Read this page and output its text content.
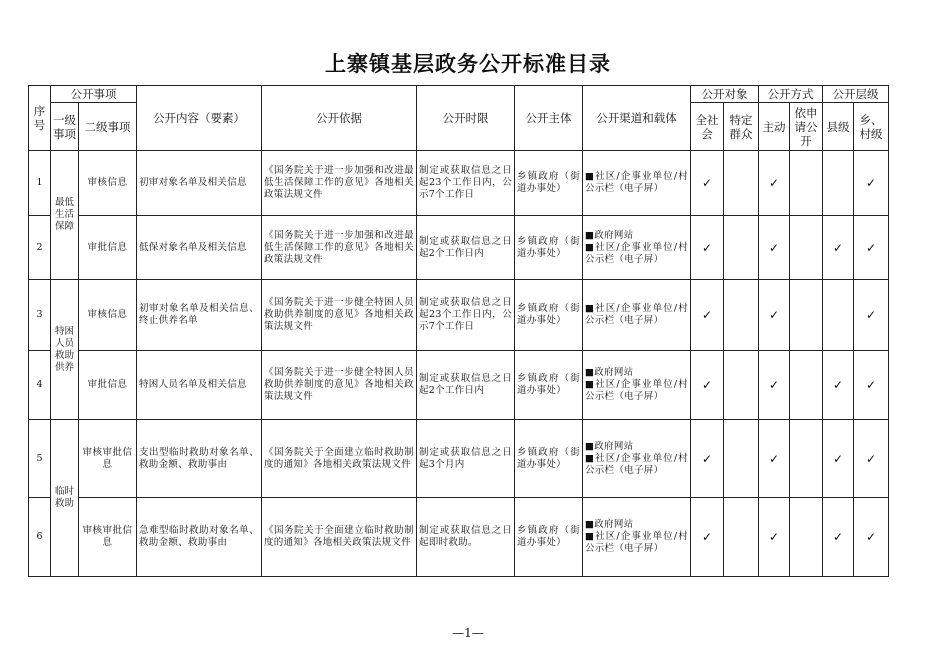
上寨镇基层政务公开标准目录
序号	公开事项		公开内容（要素）	公开依据	公开时限	公开主体	公开渠道和载体	公开对象		公开方式		公开层级	
	一级事项	二级事项						全社会	特定群众	主动	依申请公开	县级	乡、村级
1	最低生活保障	审核信息	初审对象名单及相关信息	《国务院关于进一步加强和改进最低生活保障工作的意见》各地相关政策法规文件	制定或获取信息之日起23个工作日内，公示7个工作日	乡镇政府（街道办事处）	■社区/企事业单位/村公示栏（电子屏）	✓		✓			✓
2		审批信息	低保对象名单及相关信息	《国务院关于进一步加强和改进最低生活保障工作的意见》各地相关政策法规文件	制定或获取信息之日起2个工作日内	乡镇政府（街道办事处）	■政府网站
■社区/企事业单位/村公示栏（电子屏）	✓		✓		✓	✓
3	特困人员救助供养	审核信息	初审对象名单及相关信息、终止供养名单	《国务院关于进一步健全特困人员救助供养制度的意见》各地相关政策法规文件	制定或获取信息之日起23个工作日内，公示7个工作日	乡镇政府（街道办事处）	■社区/企事业单位/村公示栏（电子屏）	✓		✓			✓
4		审批信息	特困人员名单及相关信息	《国务院关于进一步健全特困人员救助供养制度的意见》各地相关政策法规文件	制定或获取信息之日起2个工作日内	乡镇政府（街道办事处）	■政府网站
■社区/企事业单位/村公示栏（电子屏）	✓		✓		✓	✓
5	临时救助	审核审批信息	支出型临时救助对象名单、救助金额、救助事由	《国务院关于全面建立临时救助制度的通知》各地相关政策法规文件	制定或获取信息之日起3个月内	乡镇政府（街道办事处）	■政府网站
■社区/企事业单位/村公示栏（电子屏）	✓		✓		✓	✓
6		审核审批信息	急难型临时救助对象名单、救助金额、救助事由	《国务院关于全面建立临时救助制度的通知》各地相关政策法规文件	制定或获取信息之日起即时救助。	乡镇政府（街道办事处）	■政府网站
■社区/企事业单位/村公示栏（电子屏）	✓		✓		✓	✓
—1—
